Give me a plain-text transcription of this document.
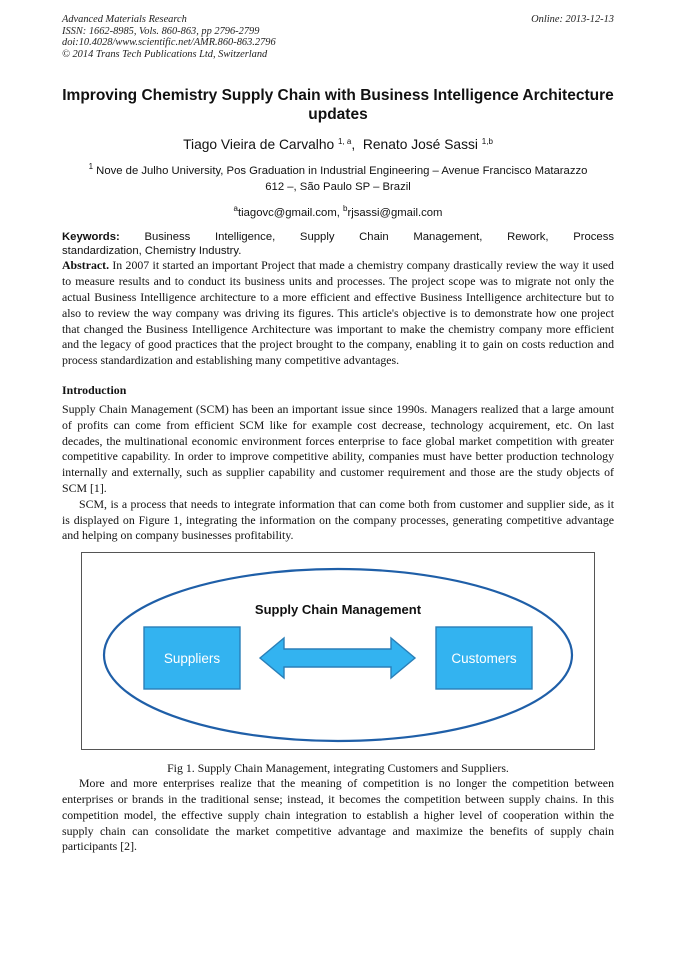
Advanced Materials Research
ISSN: 1662-8985, Vols. 860-863, pp 2796-2799
doi:10.4028/www.scientific.net/AMR.860-863.2796
© 2014 Trans Tech Publications Ltd, Switzerland
Online: 2013-12-13
Improving Chemistry Supply Chain with Business Intelligence Architecture updates
Tiago Vieira de Carvalho $^{1, a}$, Renato José Sassi $^{1,b}$
$^1$ Nove de Julho University, Pos Graduation in Industrial Engineering – Avenue Francisco Matarazzo
612 –, São Paulo SP – Brazil
$^a$tiagovc@gmail.com, $^b$rjsassi@gmail.com
Keywords: Business Intelligence, Supply Chain Management, Rework, Process
standardization, Chemistry Industry.

Abstract. In 2007 it started an important Project that made a chemistry company drastically review the way it used to measure results and to conduct its business units and processes. The project scope was to migrate not only the actual Business Intelligence architecture to a more efficient and effective Business Intelligence architecture but to also to review the way company was driving its figures. This article's objective is to demonstrate how one project that changed the Business Intelligence Architecture was important to make the chemistry company more efficient and the legacy of good practices that the project brought to the company, enabling it to gain on costs reduction and process standardization and establishing many competitive advantages.

Introduction

Supply Chain Management (SCM) has been an important issue since 1990s. Managers realized that a large amount of profits can come from efficient SCM like for example cost decrease, technology acquirement, etc. On last decades, the multinational economic environment forces enterprise to face global market competition with greater competitive capability. In order to improve competitive ability, companies must have better production technology internally and externally, such as supplier capability and customer requirement and those are the study objects of SCM [1].

SCM, is a process that needs to integrate information that can come both from customer and supplier side, as it is displayed on Figure 1, integrating the information on the company processes, generating competitive advantage and helping on company businesses profitability.

Supply Chain Management
Suppliers	Customers
Fig 1. Supply Chain Management, integrating Customers and Suppliers.

More and more enterprises realize that the meaning of competition is no longer the competition between enterprises or brands in the traditional sense; instead, it becomes the competition between supply chains. In this competition model, the effective supply chain integration to establish a higher level of cooperation within the supply chain can consolidate the market competitive advantage and maximize the benefits of supply chain participants [2].
